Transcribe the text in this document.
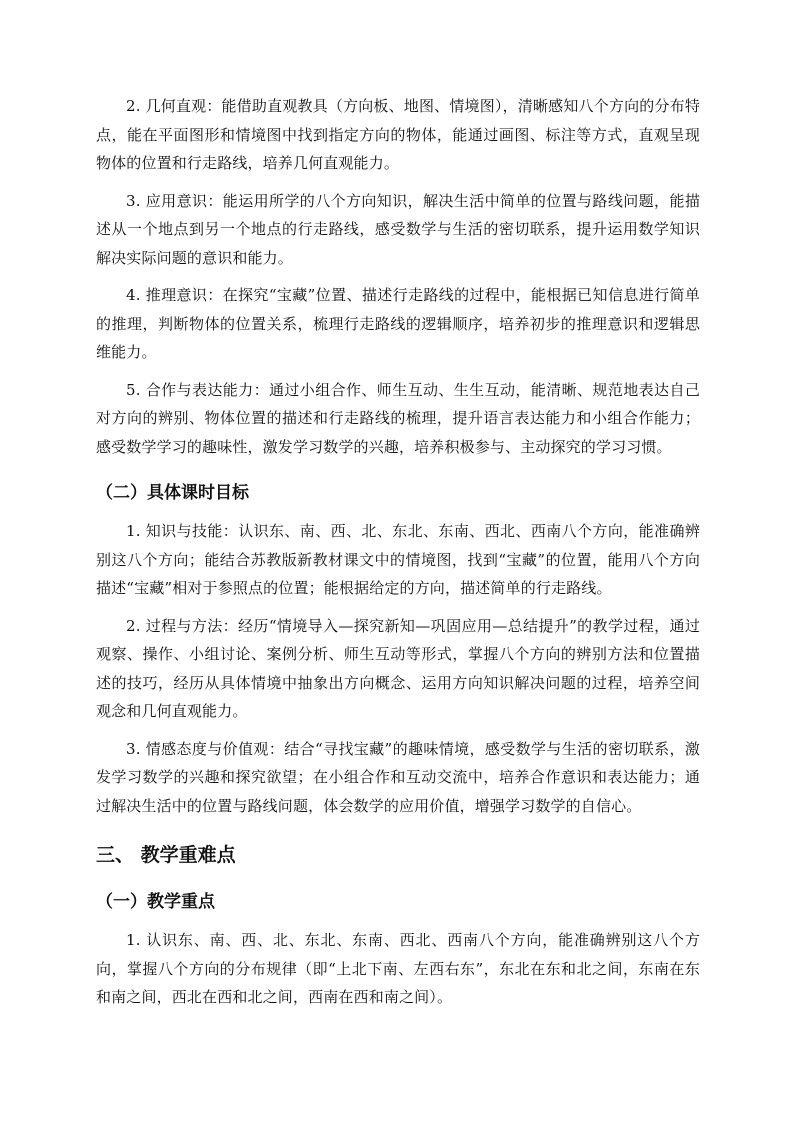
2. 几何直观：能借助直观教具（方向板、地图、情境图），清晰感知八个方向的分布特点，能在平面图形和情境图中找到指定方向的物体，能通过画图、标注等方式，直观呈现物体的位置和行走路线，培养几何直观能力。

3. 应用意识：能运用所学的八个方向知识，解决生活中简单的位置与路线问题，能描述从一个地点到另一个地点的行走路线，感受数学与生活的密切联系，提升运用数学知识解决实际问题的意识和能力。

4. 推理意识：在探究“宝藏”位置、描述行走路线的过程中，能根据已知信息进行简单的推理，判断物体的位置关系，梳理行走路线的逻辑顺序，培养初步的推理意识和逻辑思维能力。

5. 合作与表达能力：通过小组合作、师生互动、生生互动，能清晰、规范地表达自己对方向的辨别、物体位置的描述和行走路线的梳理，提升语言表达能力和小组合作能力；感受数学学习的趣味性，激发学习数学的兴趣，培养积极参与、主动探究的学习习惯。

（二）具体课时目标

1. 知识与技能：认识东、南、西、北、东北、东南、西北、西南八个方向，能准确辨别这八个方向；能结合苏教版新教材课文中的情境图，找到“宝藏”的位置，能用八个方向描述“宝藏”相对于参照点的位置；能根据给定的方向，描述简单的行走路线。

2. 过程与方法：经历“情境导入—探究新知—巩固应用—总结提升”的教学过程，通过观察、操作、小组讨论、案例分析、师生互动等形式，掌握八个方向的辨别方法和位置描述的技巧，经历从具体情境中抽象出方向概念、运用方向知识解决问题的过程，培养空间观念和几何直观能力。

3. 情感态度与价值观：结合“寻找宝藏”的趣味情境，感受数学与生活的密切联系，激发学习数学的兴趣和探究欲望；在小组合作和互动交流中，培养合作意识和表达能力；通过解决生活中的位置与路线问题，体会数学的应用价值，增强学习数学的自信心。

三、 教学重难点
（一）教学重点

1. 认识东、南、西、北、东北、东南、西北、西南八个方向，能准确辨别这八个方向，掌握八个方向的分布规律（即“上北下南、左西右东”，东北在东和北之间，东南在东和南之间，西北在西和北之间，西南在西和南之间）。
